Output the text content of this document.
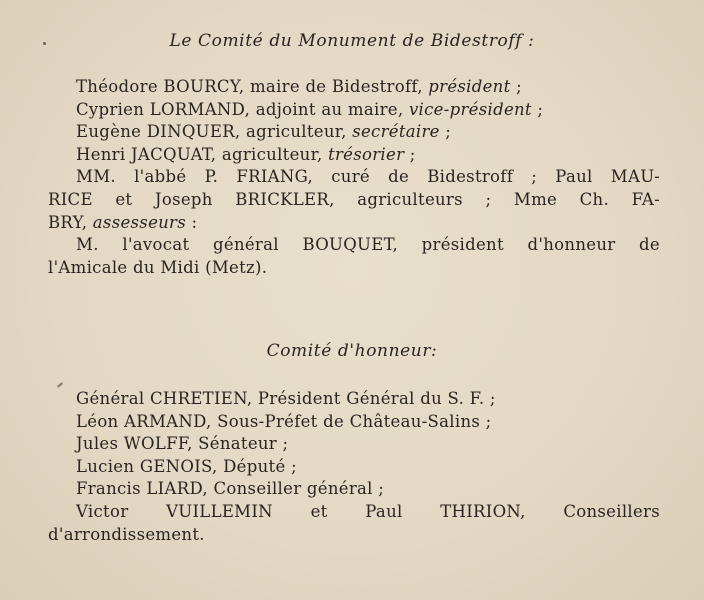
Le Comité du Monument de Bidestroff :
Théodore BOURCY, maire de Bidestroff, président ;
Cyprien LORMAND, adjoint au maire, vice-président ;
Eugène DINQUER, agriculteur, secrétaire ;
Henri JACQUAT, agriculteur, trésorier ;
MM. l'abbé P. FRIANG, curé de Bidestroff ; Paul MAU-
RICE et Joseph BRICKLER, agriculteurs ; Mme Ch. FA-
BRY, assesseurs :
M. l'avocat général BOUQUET, président d'honneur de
l'Amicale du Midi (Metz).
Comité d'honneur:
Général CHRETIEN, Président Général du S. F. ;
Léon ARMAND, Sous-Préfet de Château-Salins ;
Jules WOLFF, Sénateur ;
Lucien GENOIS, Député ;
Francis LIARD, Conseiller général ;
Victor VUILLEMIN et Paul THIRION, Conseillers
d'arrondissement.
